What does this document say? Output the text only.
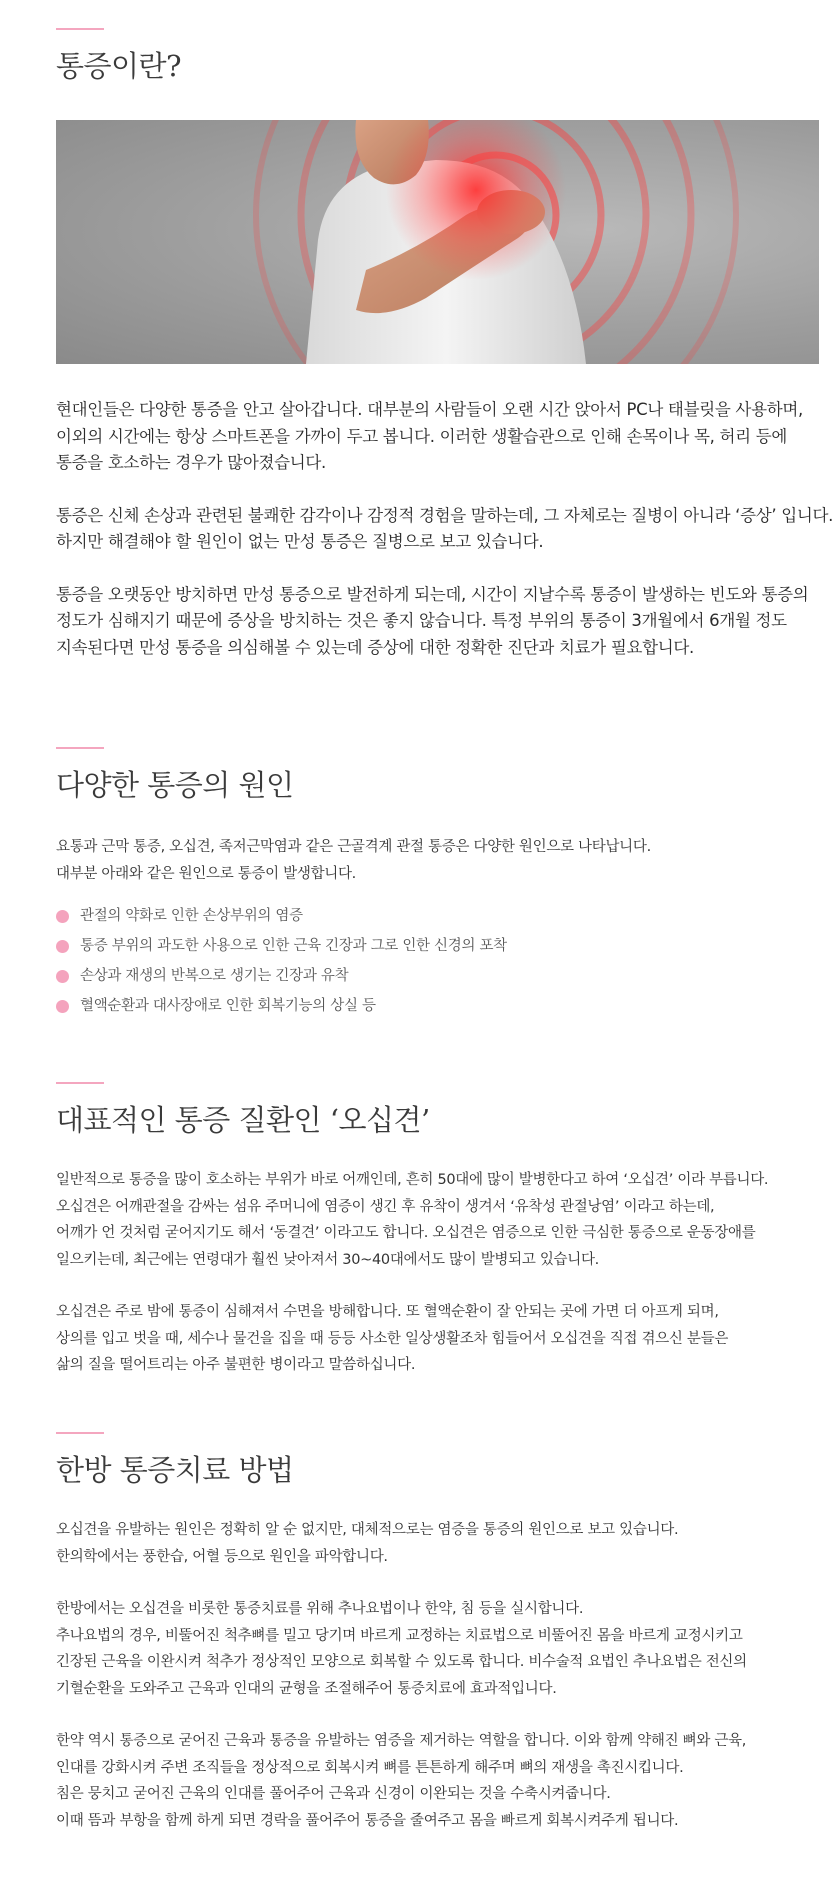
통증이란?
현대인들은 다양한 통증을 안고 살아갑니다. 대부분의 사람들이 오랜 시간 앉아서 PC나 태블릿을 사용하며,
이외의 시간에는 항상 스마트폰을 가까이 두고 봅니다. 이러한 생활습관으로 인해 손목이나 목, 허리 등에
통증을 호소하는 경우가 많아졌습니다.
통증은 신체 손상과 관련된 불쾌한 감각이나 감정적 경험을 말하는데, 그 자체로는 질병이 아니라 ‘증상’ 입니다.
하지만 해결해야 할 원인이 없는 만성 통증은 질병으로 보고 있습니다.
통증을 오랫동안 방치하면 만성 통증으로 발전하게 되는데, 시간이 지날수록 통증이 발생하는 빈도와 통증의
정도가 심해지기 때문에 증상을 방치하는 것은 좋지 않습니다. 특정 부위의 통증이 3개월에서 6개월 정도
지속된다면 만성 통증을 의심해볼 수 있는데 증상에 대한 정확한 진단과 치료가 필요합니다.
다양한 통증의 원인
요통과 근막 통증, 오십견, 족저근막염과 같은 근골격계 관절 통증은 다양한 원인으로 나타납니다.
대부분 아래와 같은 원인으로 통증이 발생합니다.
관절의 약화로 인한 손상부위의 염증
통증 부위의 과도한 사용으로 인한 근육 긴장과 그로 인한 신경의 포착
손상과 재생의 반복으로 생기는 긴장과 유착
혈액순환과 대사장애로 인한 회복기능의 상실 등
대표적인 통증 질환인 ‘오십견’
일반적으로 통증을 많이 호소하는 부위가 바로 어깨인데, 흔히 50대에 많이 발병한다고 하여 ‘오십견’ 이라 부릅니다.
오십견은 어깨관절을 감싸는 섬유 주머니에 염증이 생긴 후 유착이 생겨서 ‘유착성 관절낭염’ 이라고 하는데,
어깨가 언 것처럼 굳어지기도 해서 ‘동결견’ 이라고도 합니다. 오십견은 염증으로 인한 극심한 통증으로 운동장애를
일으키는데, 최근에는 연령대가 훨씬 낮아져서 30~40대에서도 많이 발병되고 있습니다.
오십견은 주로 밤에 통증이 심해져서 수면을 방해합니다. 또 혈액순환이 잘 안되는 곳에 가면 더 아프게 되며,
상의를 입고 벗을 때, 세수나 물건을 집을 때 등등 사소한 일상생활조차 힘들어서 오십견을 직접 겪으신 분들은
삶의 질을 떨어트리는 아주 불편한 병이라고 말씀하십니다.
한방 통증치료 방법
오십견을 유발하는 원인은 정확히 알 순 없지만, 대체적으로는 염증을 통증의 원인으로 보고 있습니다.
한의학에서는 풍한습, 어혈 등으로 원인을 파악합니다.
한방에서는 오십견을 비롯한 통증치료를 위해 추나요법이나 한약, 침 등을 실시합니다.
추나요법의 경우, 비뚤어진 척추뼈를 밀고 당기며 바르게 교정하는 치료법으로 비뚤어진 몸을 바르게 교정시키고
긴장된 근육을 이완시켜 척추가 정상적인 모양으로 회복할 수 있도록 합니다. 비수술적 요법인 추나요법은 전신의
기혈순환을 도와주고 근육과 인대의 균형을 조절해주어 통증치료에 효과적입니다.
한약 역시 통증으로 굳어진 근육과 통증을 유발하는 염증을 제거하는 역할을 합니다. 이와 함께 약해진 뼈와 근육,
인대를 강화시켜 주변 조직들을 정상적으로 회복시켜 뼈를 튼튼하게 해주며 뼈의 재생을 촉진시킵니다.
침은 뭉치고 굳어진 근육의 인대를 풀어주어 근육과 신경이 이완되는 것을 수축시켜줍니다.
이때 뜸과 부항을 함께 하게 되면 경락을 풀어주어 통증을 줄여주고 몸을 빠르게 회복시켜주게 됩니다.
